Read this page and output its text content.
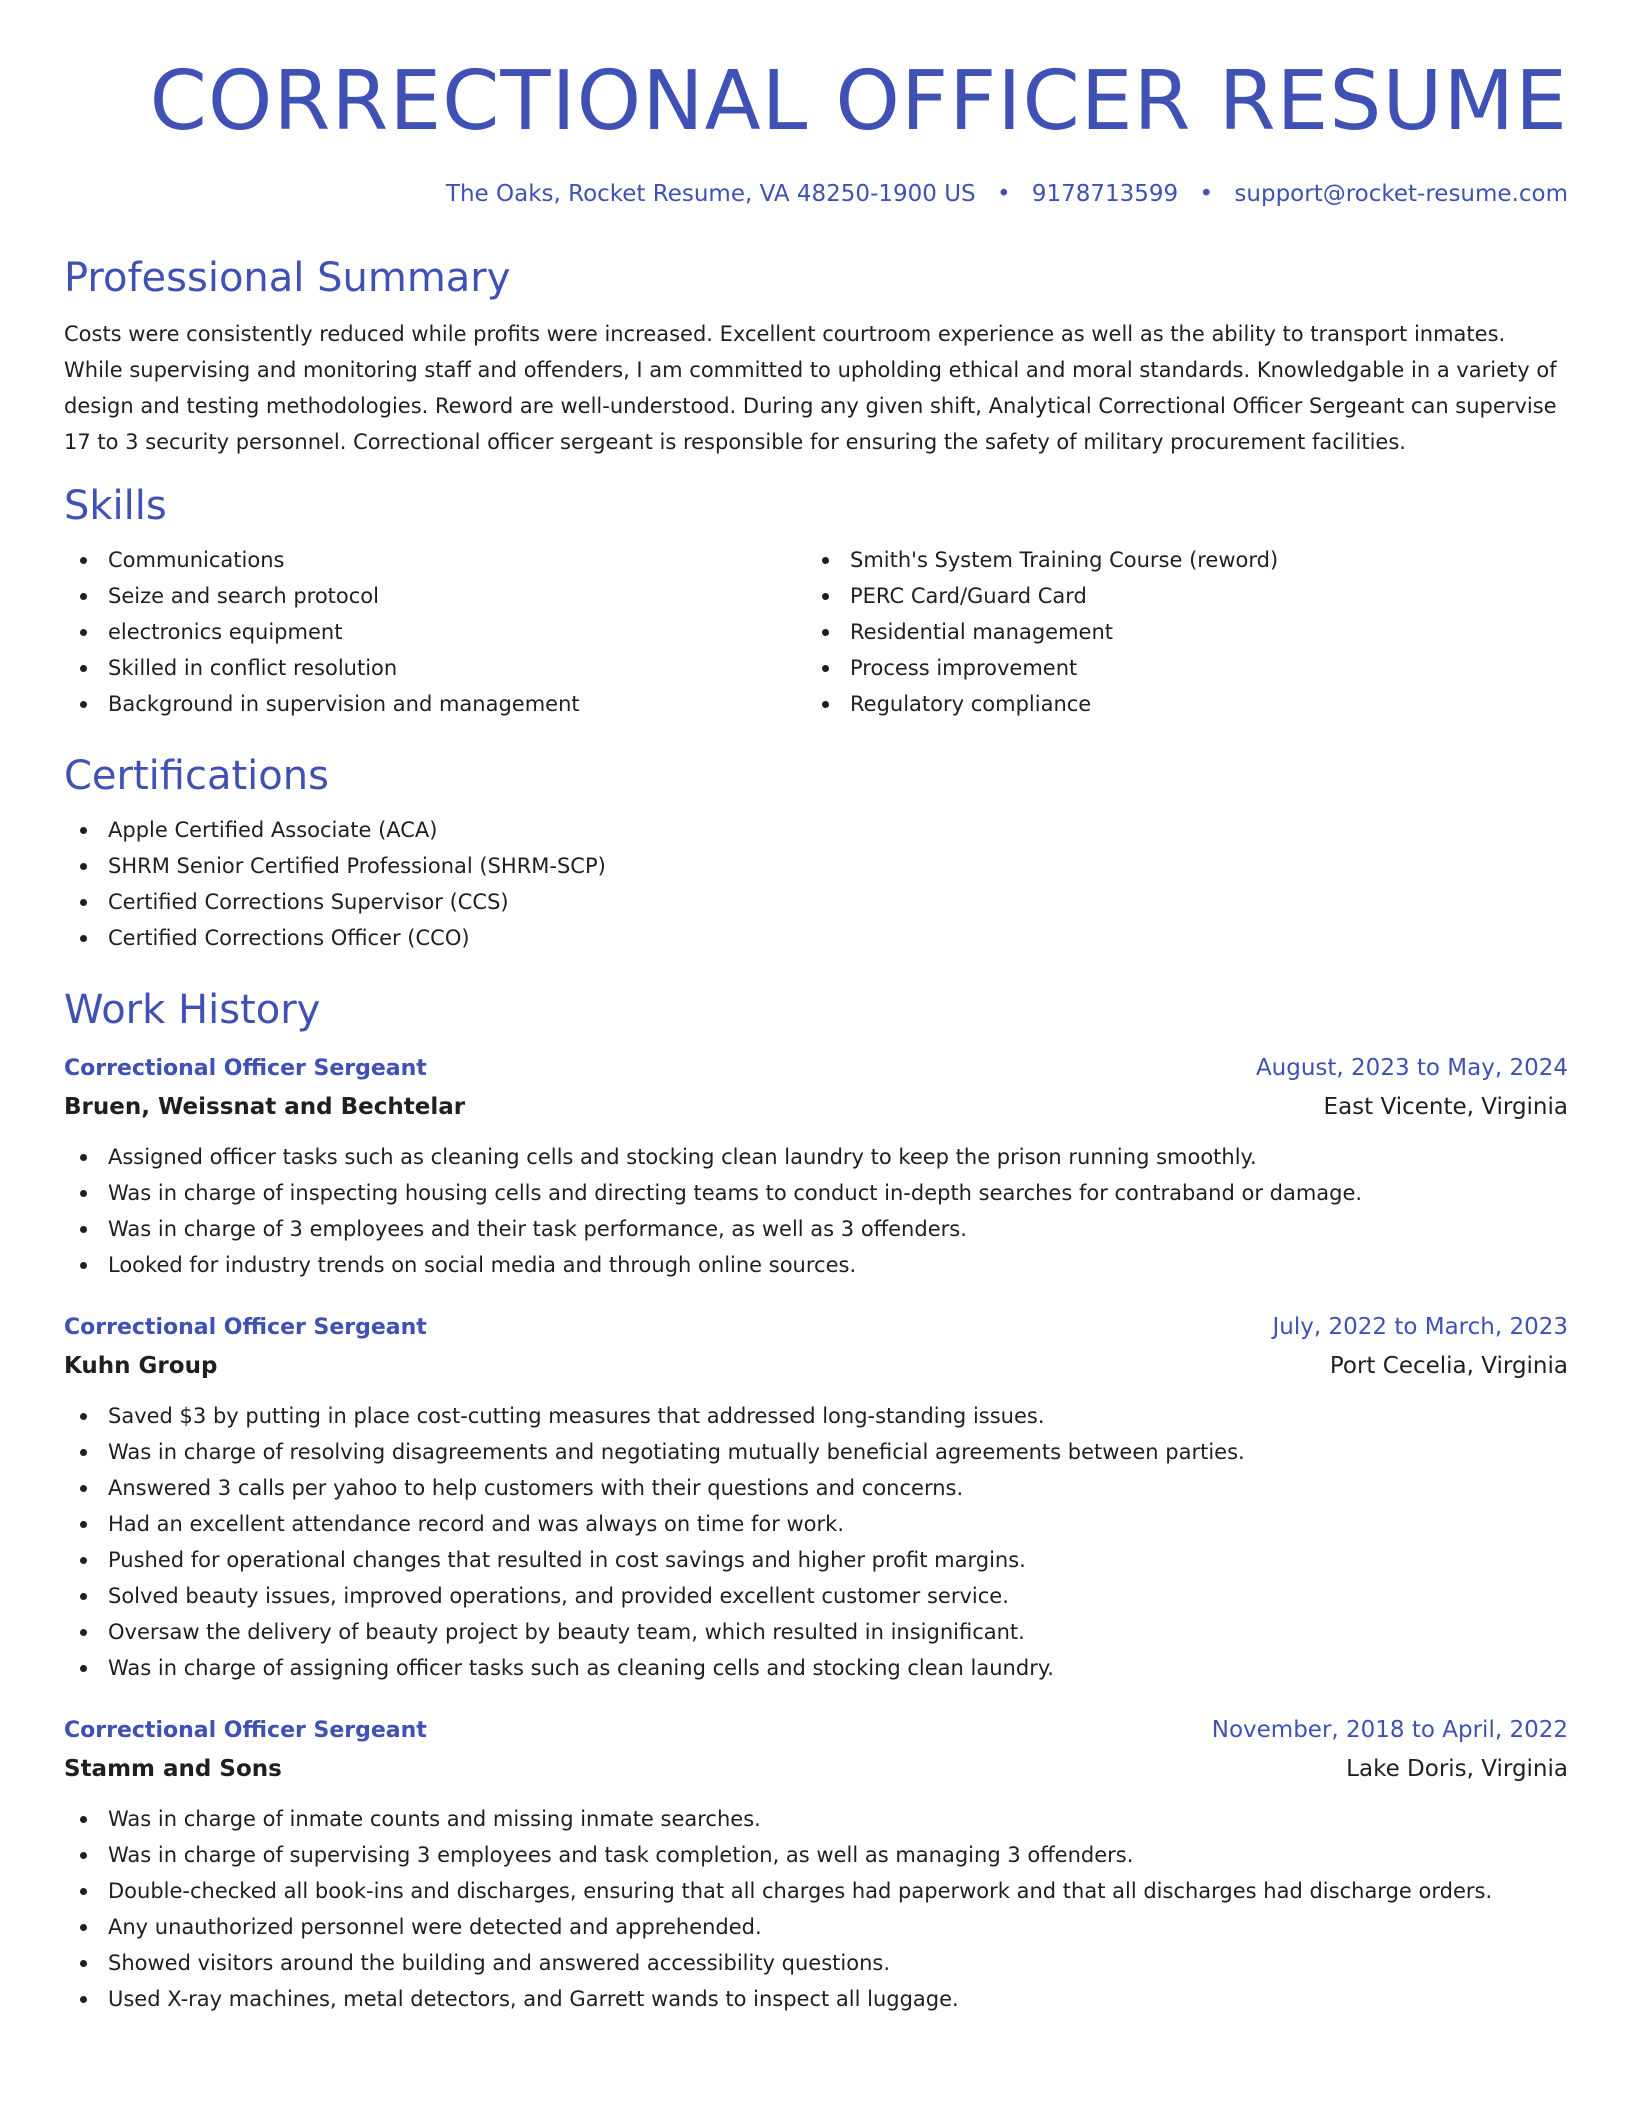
CORRECTIONAL OFFICER RESUME
The Oaks, Rocket Resume, VA 48250-1900 US • 9178713599 • support@rocket-resume.com
Professional Summary

Costs were consistently reduced while profits were increased. Excellent courtroom experience as well as the ability to transport inmates. While supervising and monitoring staff and offenders, I am committed to upholding ethical and moral standards. Knowledgable in a variety of design and testing methodologies. Reword are well-understood. During any given shift, Analytical Correctional Officer Sergeant can supervise 17 to 3 security personnel. Correctional officer sergeant is responsible for ensuring the safety of military procurement facilities.

Skills
Communications
Seize and search protocol
electronics equipment
Skilled in conflict resolution
Background in supervision and management
Smith's System Training Course (reword)
PERC Card/Guard Card
Residential management
Process improvement
Regulatory compliance
Certifications
Apple Certified Associate (ACA)
SHRM Senior Certified Professional (SHRM-SCP)
Certified Corrections Supervisor (CCS)
Certified Corrections Officer (CCO)
Work History
Correctional Officer Sergeant	August, 2023 to May, 2024
Bruen, Weissnat and Bechtelar	East Vicente, Virginia
Assigned officer tasks such as cleaning cells and stocking clean laundry to keep the prison running smoothly.
Was in charge of inspecting housing cells and directing teams to conduct in-depth searches for contraband or damage.
Was in charge of 3 employees and their task performance, as well as 3 offenders.
Looked for industry trends on social media and through online sources.
Correctional Officer Sergeant	July, 2022 to March, 2023
Kuhn Group	Port Cecelia, Virginia
Saved $3 by putting in place cost-cutting measures that addressed long-standing issues.
Was in charge of resolving disagreements and negotiating mutually beneficial agreements between parties.
Answered 3 calls per yahoo to help customers with their questions and concerns.
Had an excellent attendance record and was always on time for work.
Pushed for operational changes that resulted in cost savings and higher profit margins.
Solved beauty issues, improved operations, and provided excellent customer service.
Oversaw the delivery of beauty project by beauty team, which resulted in insignificant.
Was in charge of assigning officer tasks such as cleaning cells and stocking clean laundry.
Correctional Officer Sergeant	November, 2018 to April, 2022
Stamm and Sons	Lake Doris, Virginia
Was in charge of inmate counts and missing inmate searches.
Was in charge of supervising 3 employees and task completion, as well as managing 3 offenders.
Double-checked all book-ins and discharges, ensuring that all charges had paperwork and that all discharges had discharge orders.
Any unauthorized personnel were detected and apprehended.
Showed visitors around the building and answered accessibility questions.
Used X-ray machines, metal detectors, and Garrett wands to inspect all luggage.
